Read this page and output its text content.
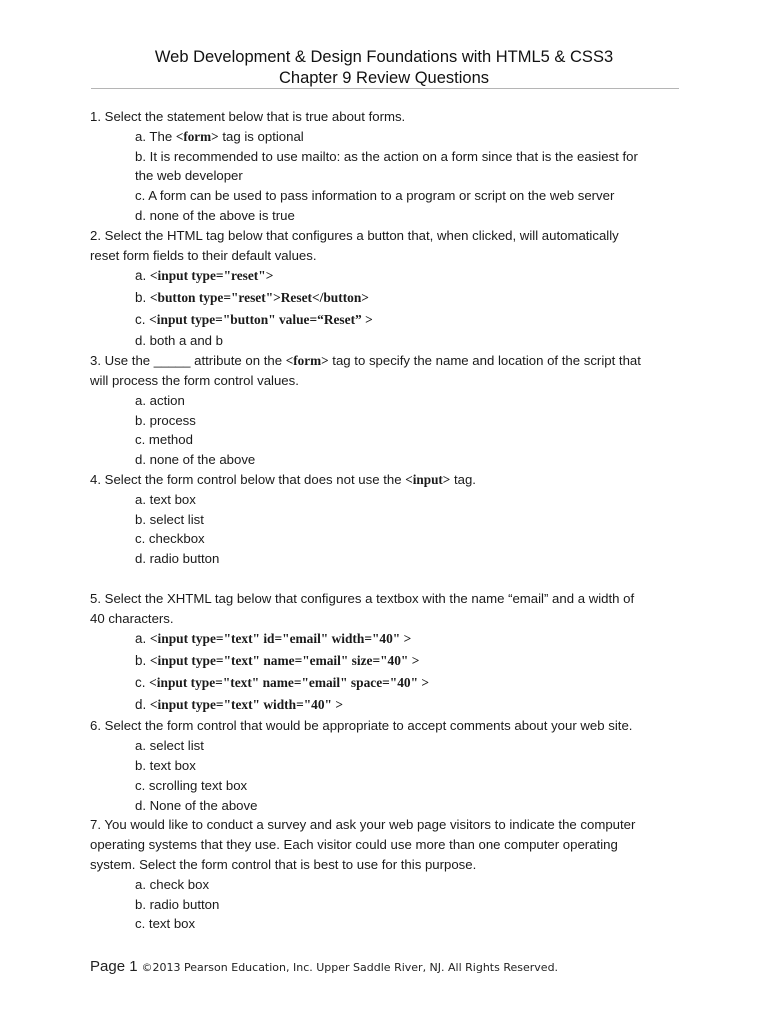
Web Development & Design Foundations with HTML5 & CSS3
Chapter 9 Review Questions

1. Select the statement below that is true about forms.

a. The <form> tag is optional

b. It is recommended to use mailto: as the action on a form since that is the easiest for

the web developer

c. A form can be used to pass information to a program or script on the web server

d. none of the above is true

2. Select the HTML tag below that configures a button that, when clicked, will automatically

reset form fields to their default values.

a. <input type="reset">

b. <button type="reset">Reset</button>

c. <input type="button" value=“Reset” >

d. both a and b

3. Use the _____ attribute on the <form> tag to specify the name and location of the script that

will process the form control values.

a. action

b. process

c. method

d. none of the above

4. Select the form control below that does not use the <input> tag.

a. text box

b. select list

c. checkbox

d. radio button

5. Select the XHTML tag below that configures a textbox with the name “email” and a width of

40 characters.

a. <input type="text" id="email" width="40" >

b. <input type="text" name="email" size="40" >

c. <input type="text" name="email" space="40" >

d. <input type="text" width="40" >

6. Select the form control that would be appropriate to accept comments about your web site.

a. select list

b. text box

c. scrolling text box

d. None of the above

7. You would like to conduct a survey and ask your web page visitors to indicate the computer

operating systems that they use. Each visitor could use more than one computer operating

system. Select the form control that is best to use for this purpose.

a. check box

b. radio button

c. text box

Page 1 ©2013 Pearson Education, Inc. Upper Saddle River, NJ. All Rights Reserved.
